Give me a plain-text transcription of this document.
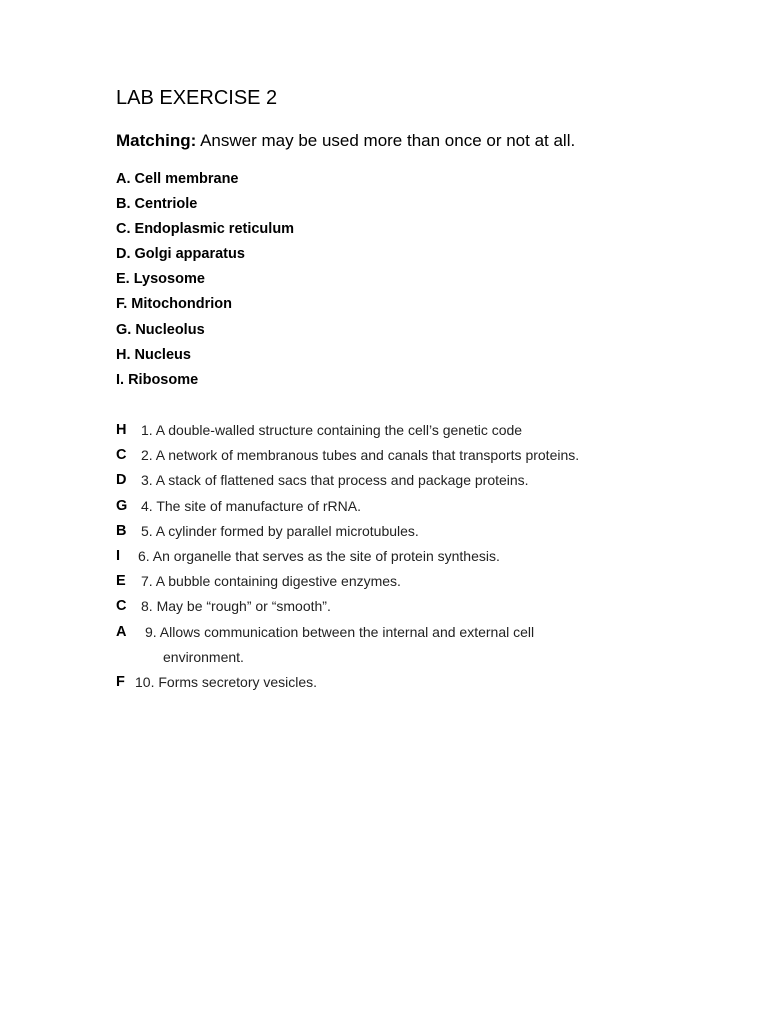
LAB EXERCISE 2
Matching: Answer may be used more than once or not at all.
A. Cell membrane
B. Centriole
C. Endoplasmic reticulum
D. Golgi apparatus
E. Lysosome
F. Mitochondrion
G. Nucleolus
H. Nucleus
I. Ribosome
H 1. A double-walled structure containing the cell’s genetic code
C 2. A network of membranous tubes and canals that transports proteins.
D 3. A stack of flattened sacs that process and package proteins.
G 4. The site of manufacture of rRNA.
B 5. A cylinder formed by parallel microtubules.
I 6. An organelle that serves as the site of protein synthesis.
E 7. A bubble containing digestive enzymes.
C 8. May be “rough” or “smooth”.
A 9. Allows communication between the internal and external cell
environment.
F 10. Forms secretory vesicles.
